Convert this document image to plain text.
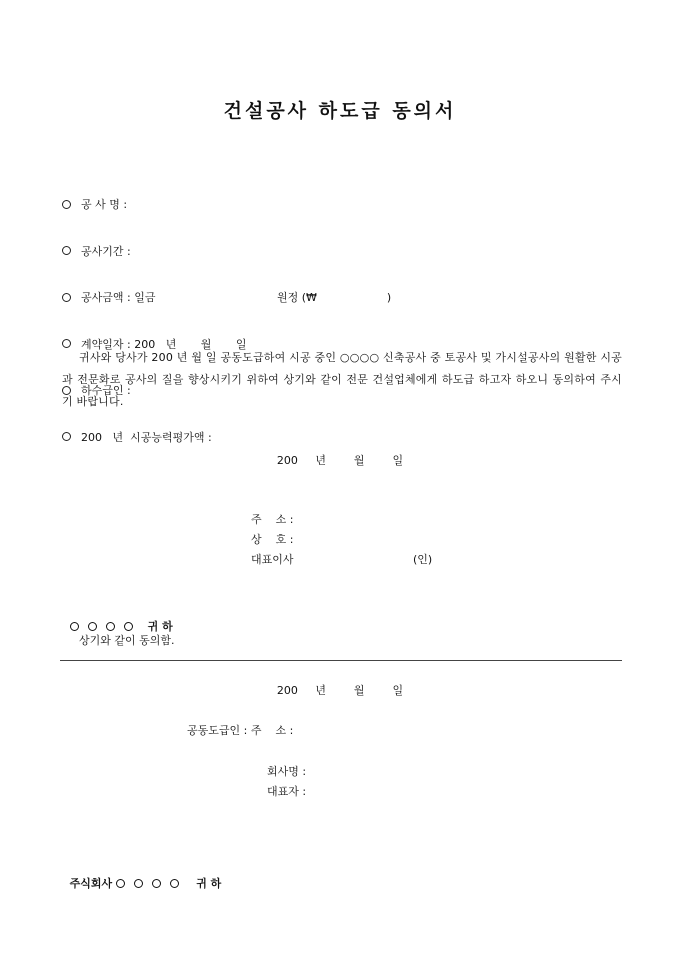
건설공사 하도급 동의서

공 사 명 :

공사기간 :

공사금액 : 일금	원정 (₩                    )

계약일자 : 200   년       월       일

하수급인 :

200   년  시공능력평가액 :

귀사와 당사가 200 년 월 일 공동도급하여 시공 중인 ○○○○ 신축공사 중 토공사 및 가시설공사의 원활한 시공과 전문화로 공사의 질을 향상시키기 위하여 상기와 같이 전문 건설업체에게 하도급 하고자 하오니 동의하여 주시기 바랍니다.
200     년        월        일
주    소 :
상    호 :
대표이사	(인)

귀 하

상기와 같이 동의함.
200     년        월        일
공동도급인 : 주    소 :
회사명 :
대표자 :

주식회사	귀 하
